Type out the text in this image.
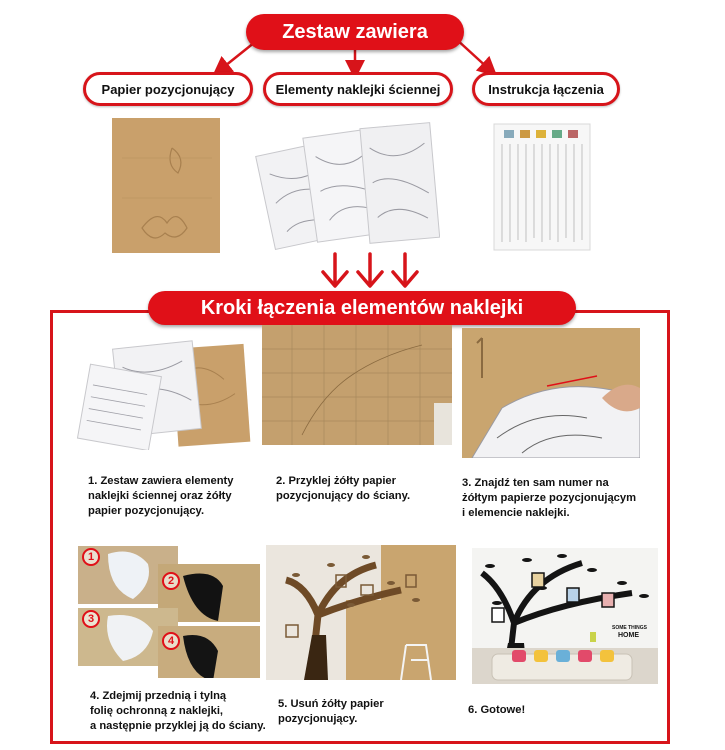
Zestaw zawiera
Papier pozycjonujący	Elementy naklejki ściennej	Instrukcja łączenia
Kroki łączenia elementów naklejki
1. Zestaw zawiera elementy
naklejki ściennej oraz żółty
papier pozycjonujący.
2. Przyklej żółty papier
pozycjonujący do ściany.
3. Znajdź ten sam numer na
żółtym papierze pozycjonującym
i elemencie naklejki.
1
2
3
4
SOME THINGS
HOME
4. Zdejmij przednią i tylną
folię ochronną z naklejki,
a następnie przyklej ją do ściany.
5. Usuń żółty papier
pozycjonujący.
6. Gotowe!
